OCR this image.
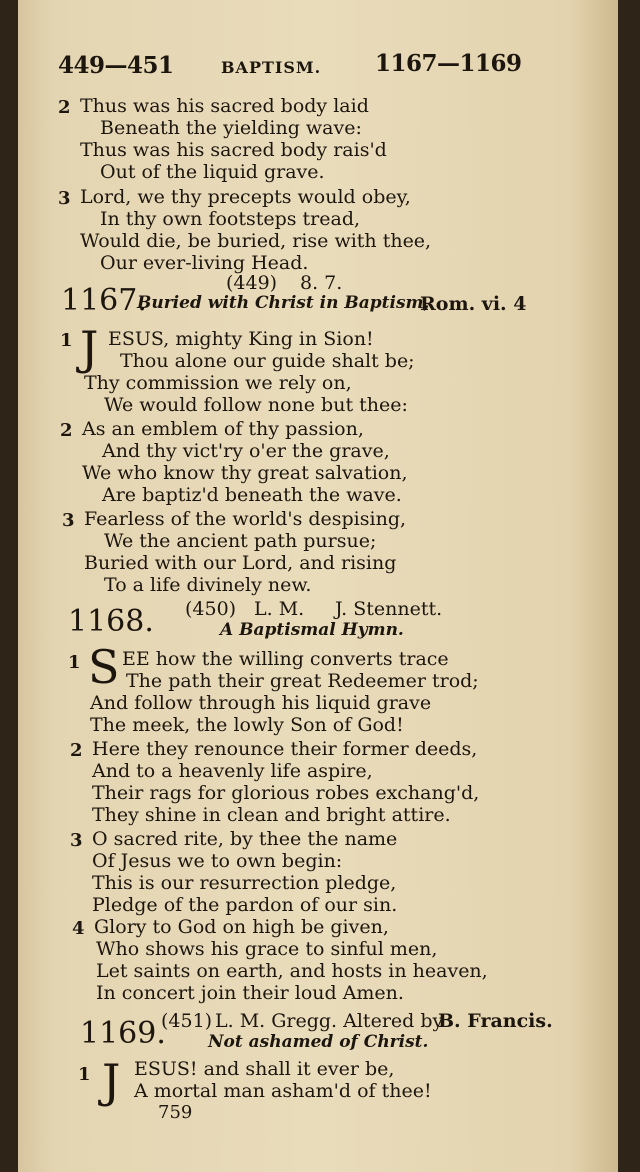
449—451	BAPTISM. 1167—1169
2 Thus was his sacred body laid
Beneath the yielding wave:
Thus was his sacred body rais'd
Out of the liquid grave.
3 Lord, we thy precepts would obey,
In thy own footsteps tread,
Would die, be buried, rise with thee,
Our ever-living Head.
(449) 8. 7.
1167.
Buried with Christ in Baptism,
Rom. vi. 4
1 J ESUS, mighty King in Sion!
Thou alone our guide shalt be;
Thy commission we rely on,
We would follow none but thee:
2 As an emblem of thy passion,
And thy vict'ry o'er the grave,
We who know thy great salvation,
Are baptiz'd beneath the wave.
3 Fearless of the world's despising,
We the ancient path pursue;
Buried with our Lord, and rising
To a life divinely new.
1168. (450) L. M. J. Stennett.
A Baptismal Hymn.
1 S EE how the willing converts trace
The path their great Redeemer trod;
And follow through his liquid grave
The meek, the lowly Son of God!
2 Here they renounce their former deeds,
And to a heavenly life aspire,
Their rags for glorious robes exchang'd,
They shine in clean and bright attire.
3 O sacred rite, by thee the name
Of Jesus we to own begin:
This is our resurrection pledge,
Pledge of the pardon of our sin.
4 Glory to God on high be given,
Who shows his grace to sinful men,
Let saints on earth, and hosts in heaven,
In concert join their loud Amen.
1169.
(451) L. M. Gregg. Altered by
B. Francis.
Not ashamed of Christ.
1 J ESUS! and shall it ever be,
A mortal man asham'd of thee!
759
